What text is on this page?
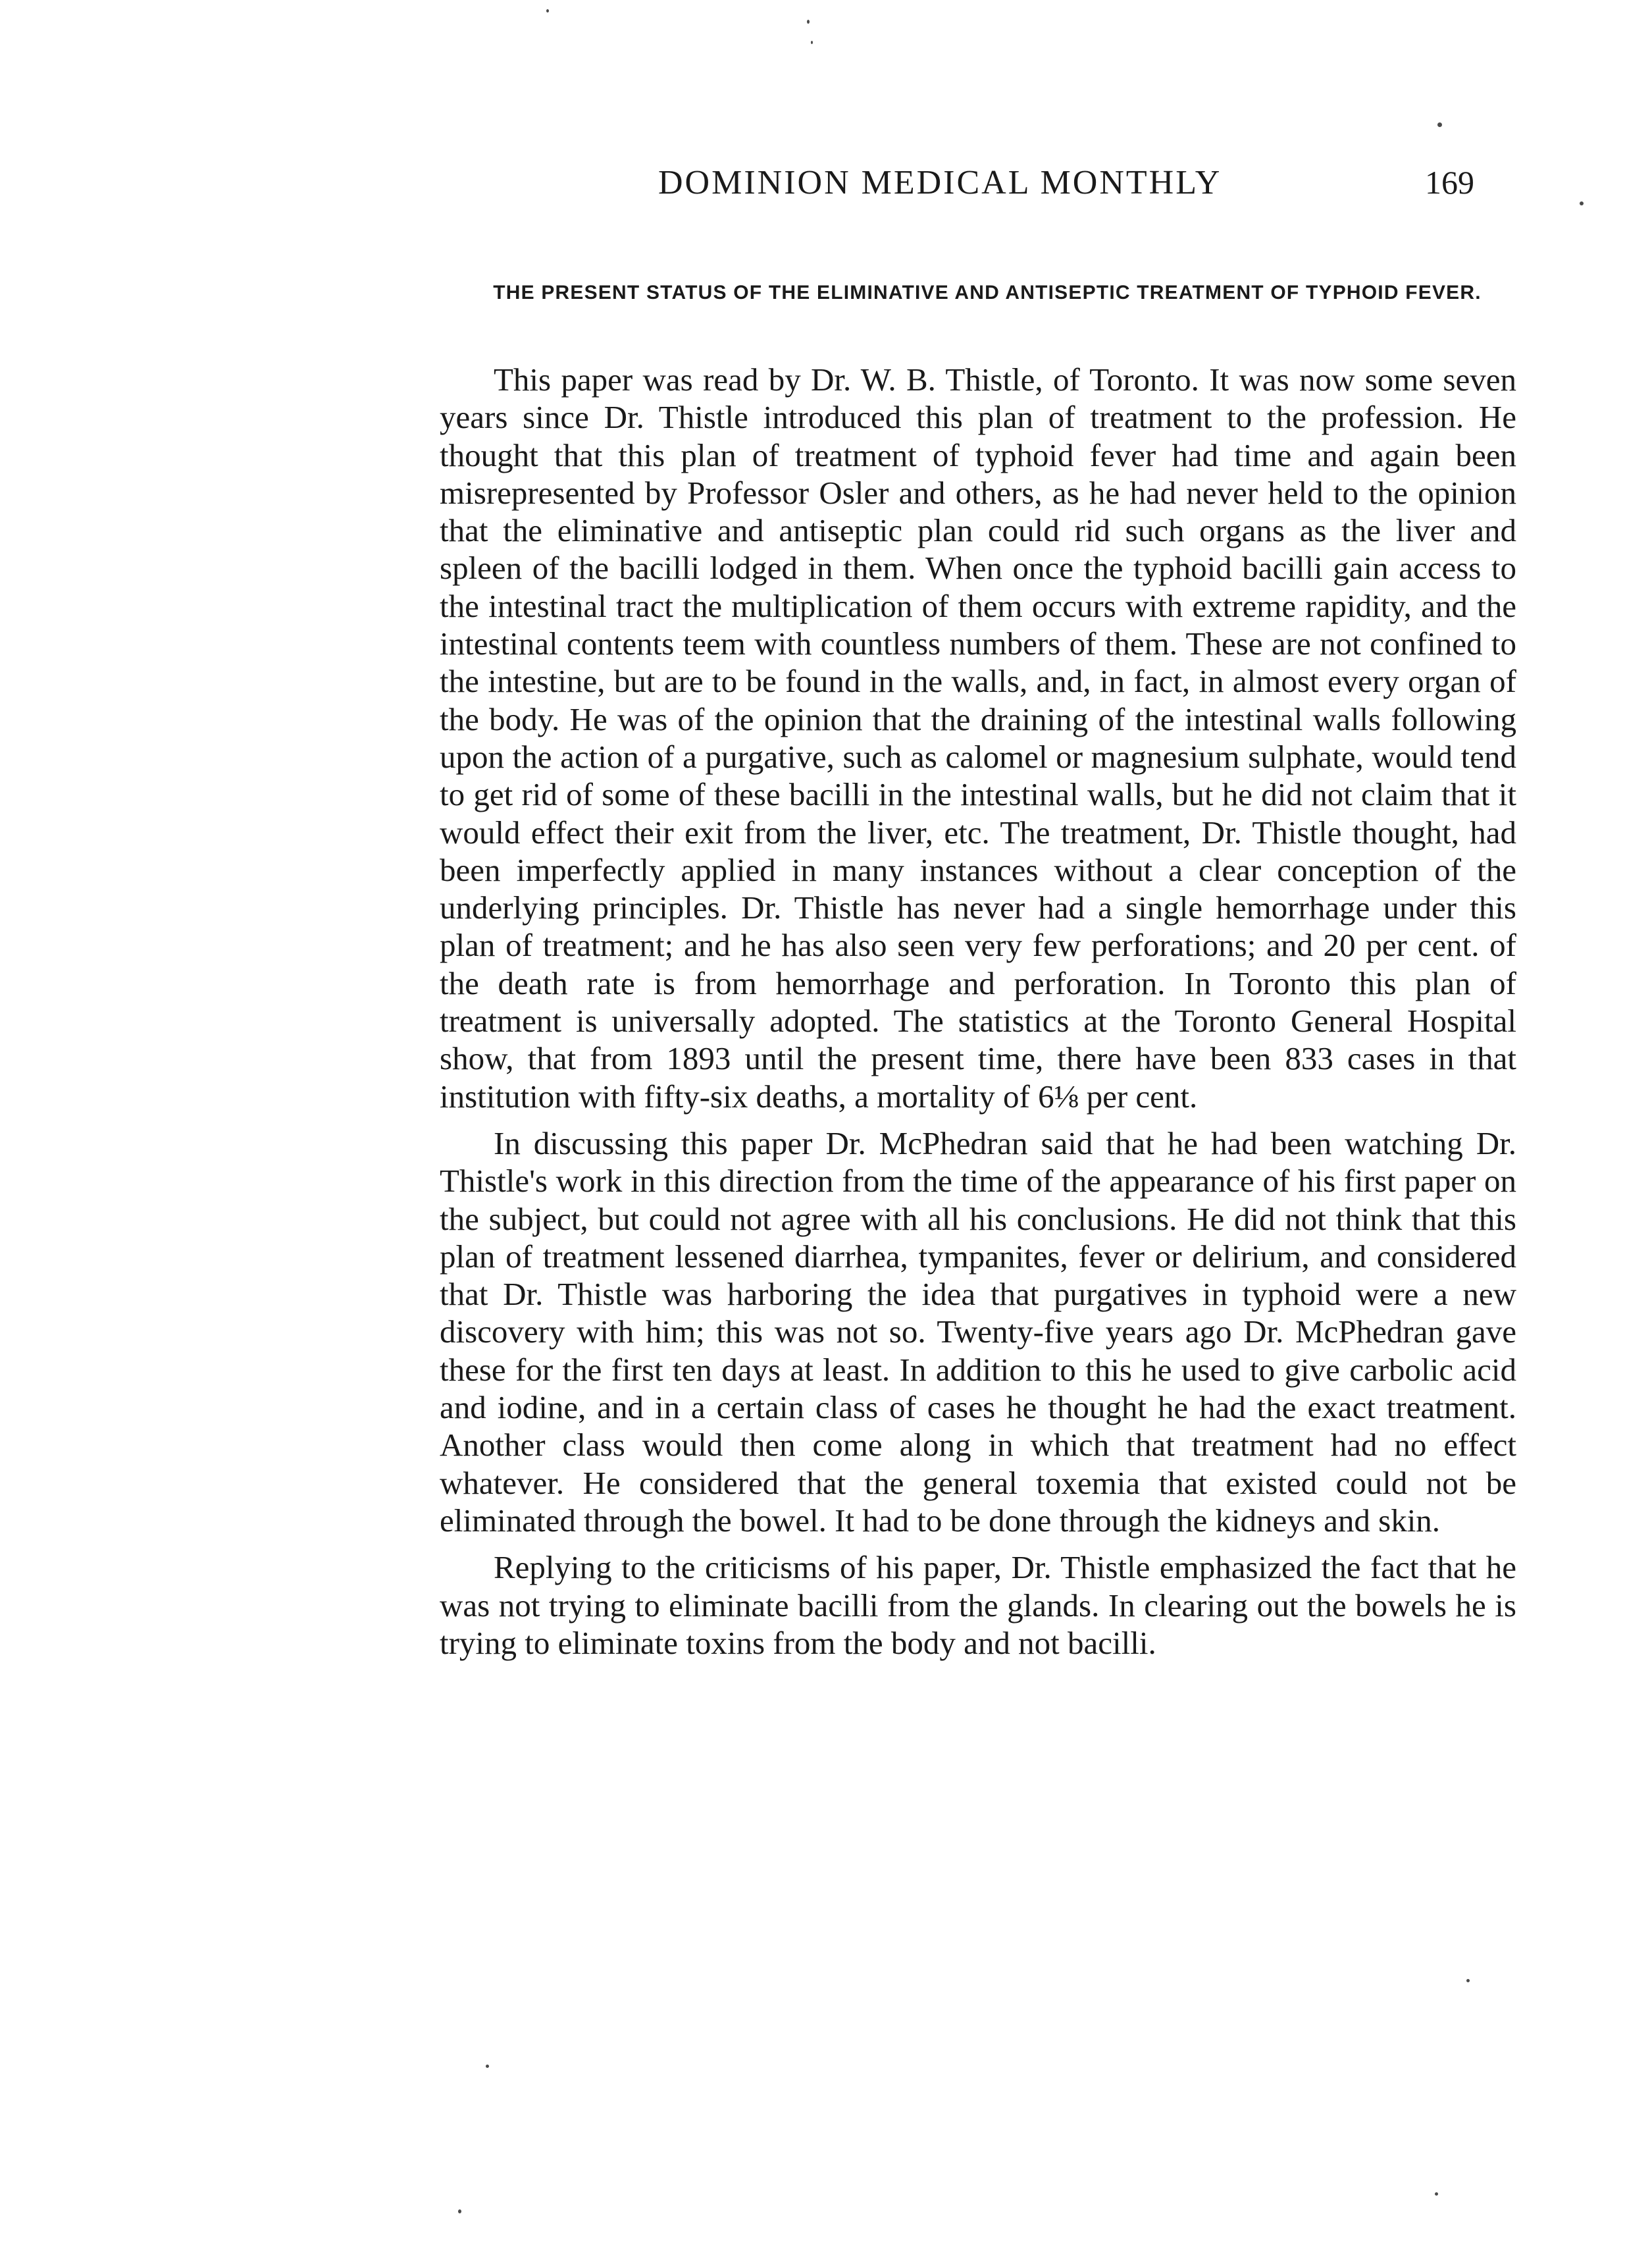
DOMINION MEDICAL MONTHLY	169
THE PRESENT STATUS OF THE ELIMINATIVE AND ANTISEPTIC TREATMENT OF TYPHOID FEVER.

This paper was read by Dr. W. B. Thistle, of Toronto. It was now some seven years since Dr. Thistle introduced this plan of treatment to the profession. He thought that this plan of treatment of typhoid fever had time and again been misrepresented by Professor Osler and others, as he had never held to the opinion that the eliminative and antiseptic plan could rid such organs as the liver and spleen of the bacilli lodged in them. When once the typhoid bacilli gain access to the intestinal tract the multiplication of them occurs with extreme rapidity, and the intestinal contents teem with countless numbers of them. These are not confined to the intestine, but are to be found in the walls, and, in fact, in almost every organ of the body. He was of the opinion that the draining of the intestinal walls following upon the action of a purgative, such as calomel or magnesium sulphate, would tend to get rid of some of these bacilli in the intestinal walls, but he did not claim that it would effect their exit from the liver, etc. The treatment, Dr. Thistle thought, had been imperfectly applied in many instances without a clear conception of the underlying principles. Dr. Thistle has never had a single hemorrhage under this plan of treatment; and he has also seen very few perforations; and 20 per cent. of the death rate is from hemorrhage and perforation. In Toronto this plan of treatment is universally adopted. The statistics at the Toronto General Hospital show, that from 1893 until the present time, there have been 833 cases in that institution with fifty-six deaths, a mortality of 6⅛ per cent.

In discussing this paper Dr. McPhedran said that he had been watching Dr. Thistle's work in this direction from the time of the appearance of his first paper on the subject, but could not agree with all his conclusions. He did not think that this plan of treatment lessened diarrhea, tympanites, fever or delirium, and considered that Dr. Thistle was harboring the idea that purgatives in typhoid were a new discovery with him; this was not so. Twenty-five years ago Dr. McPhedran gave these for the first ten days at least. In addition to this he used to give carbolic acid and iodine, and in a certain class of cases he thought he had the exact treatment. Another class would then come along in which that treatment had no effect whatever. He considered that the general toxemia that existed could not be eliminated through the bowel. It had to be done through the kidneys and skin.

Replying to the criticisms of his paper, Dr. Thistle emphasized the fact that he was not trying to eliminate bacilli from the glands. In clearing out the bowels he is trying to eliminate toxins from the body and not bacilli.
